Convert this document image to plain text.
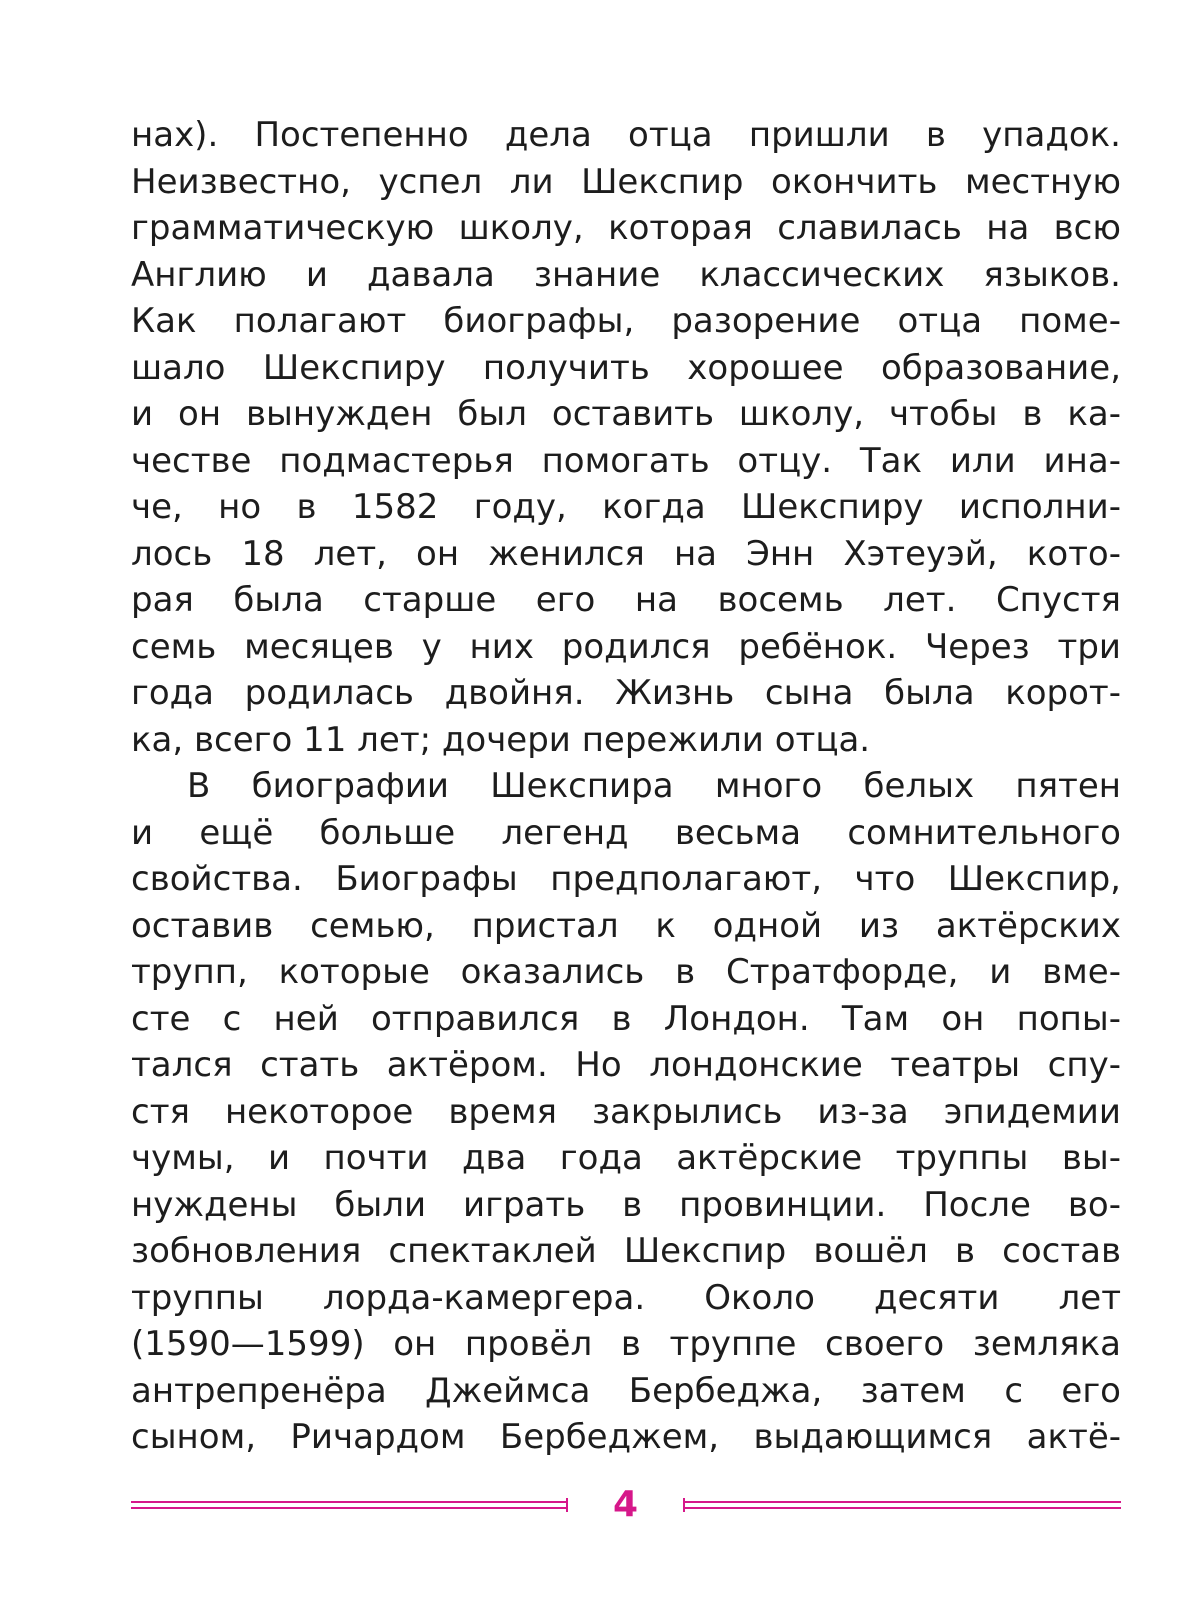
нах). Постепенно дела отца пришли в упадок.
Неизвестно, успел ли Шекспир окончить местную
грамматическую школу, которая славилась на всю
Англию и давала знание классических языков.
Как полагают биографы, разорение отца поме-
шало Шекспиру получить хорошее образование,
и он вынужден был оставить школу, чтобы в ка-
честве подмастерья помогать отцу. Так или ина-
че, но в 1582 году, когда Шекспиру исполни-
лось 18 лет, он женился на Энн Хэтеуэй, кото-
рая была старше его на восемь лет. Спустя
семь месяцев у них родился ребёнок. Через три
года родилась двойня. Жизнь сына была корот-
ка, всего 11 лет; дочери пережили отца.
В биографии Шекспира много белых пятен
и ещё больше легенд весьма сомнительного
свойства. Биографы предполагают, что Шекспир,
оставив семью, пристал к одной из актёрских
трупп, которые оказались в Стратфорде, и вме-
сте с ней отправился в Лондон. Там он попы-
тался стать актёром. Но лондонские театры спу-
стя некоторое время закрылись из-за эпидемии
чумы, и почти два года актёрские труппы вы-
нуждены были играть в провинции. После во-
зобновления спектаклей Шекспир вошёл в состав
труппы лорда-камергера. Около десяти лет
(1590—1599) он провёл в труппе своего земляка
антрепренёра Джеймса Бербеджа, затем с его
сыном, Ричардом Бербеджем, выдающимся актё-
4
